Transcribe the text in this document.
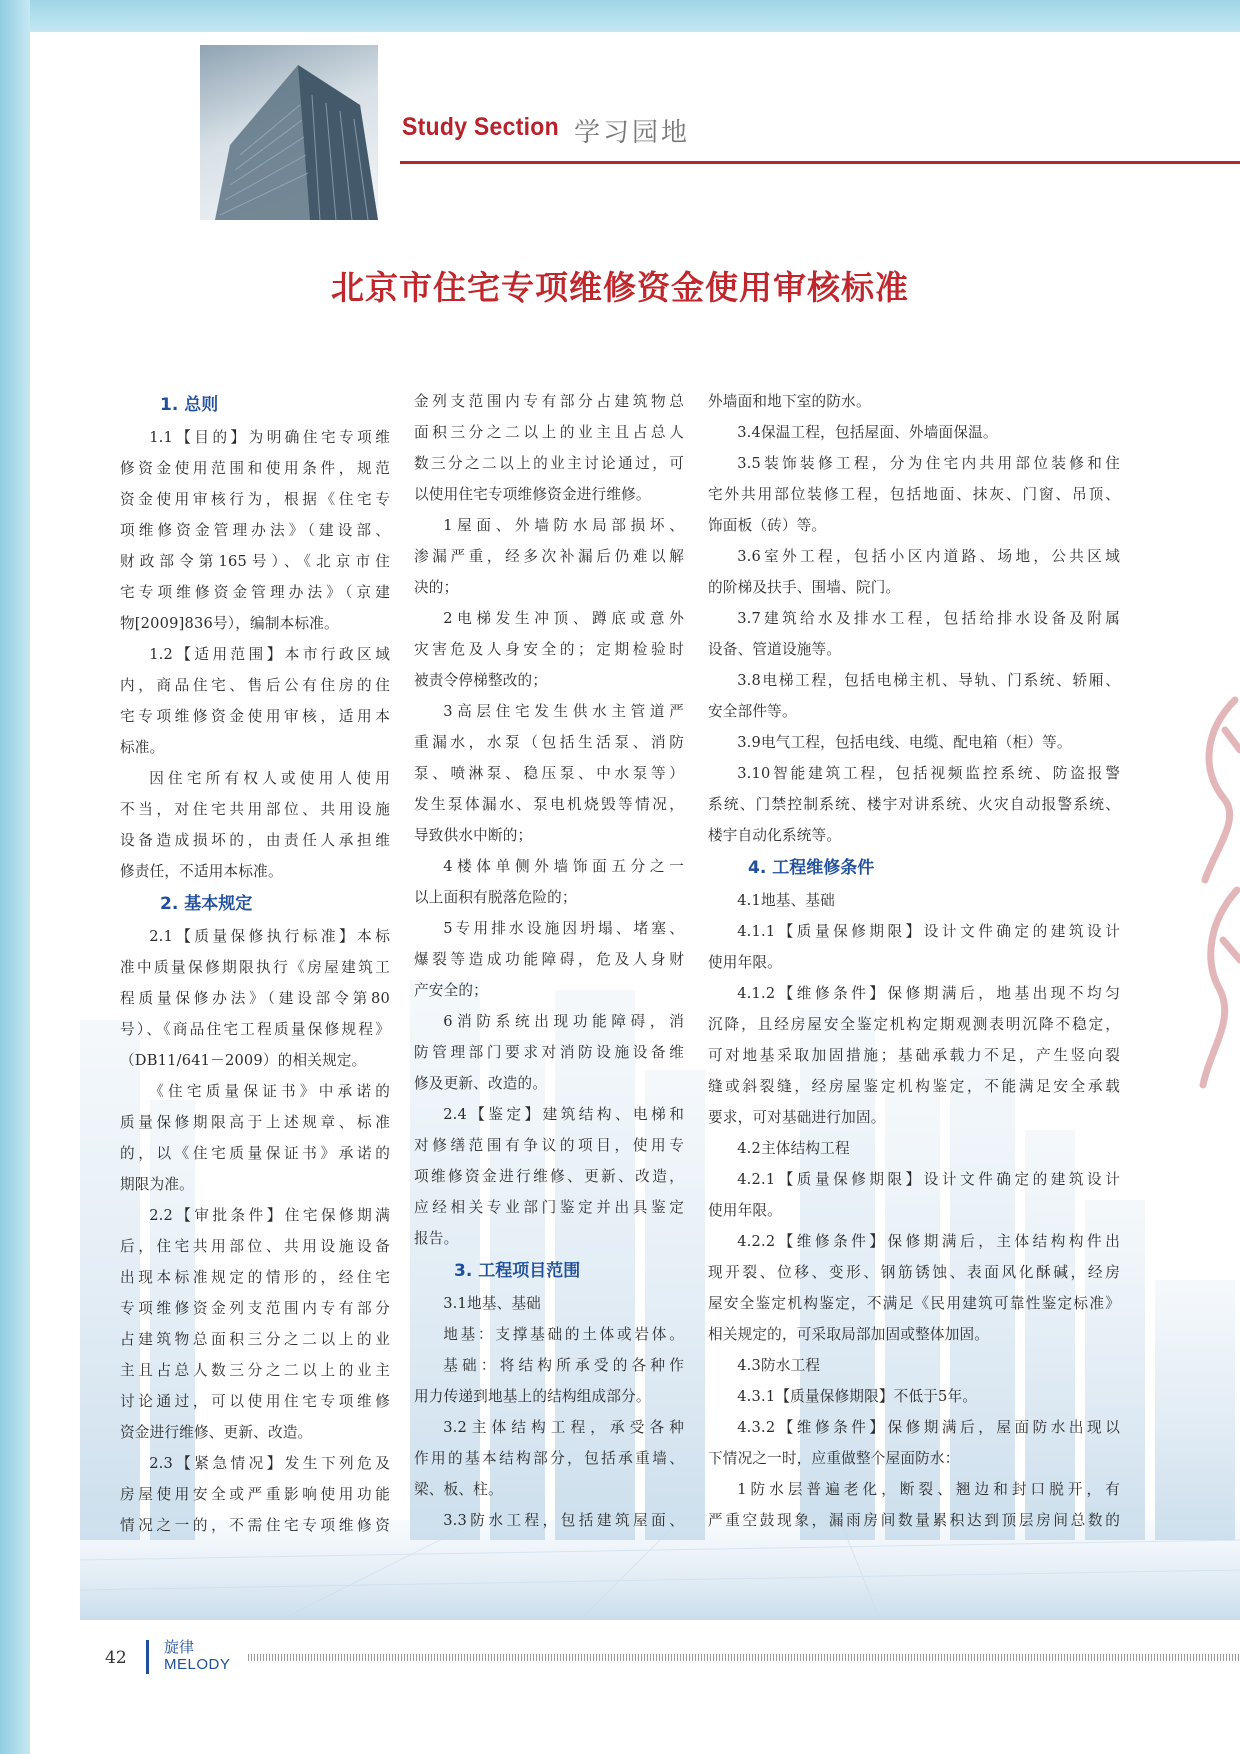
Study Section 学习园地
北京市住宅专项维修资金使用审核标准
1. 总则
1.1【目的】为明确住宅专项维
修资金使用范围和使用条件，规范
资金使用审核行为，根据《住宅专
项维修资金管理办法》（建设部、
财政部令第165号）、《北京市住
宅专项维修资金管理办法》（京建
物[2009]836号），编制本标准。
1.2【适用范围】本市行政区域
内，商品住宅、售后公有住房的住
宅专项维修资金使用审核，适用本
标准。
因住宅所有权人或使用人使用
不当，对住宅共用部位、共用设施
设备造成损坏的，由责任人承担维
修责任，不适用本标准。
2. 基本规定
2.1【质量保修执行标准】本标
准中质量保修期限执行《房屋建筑工
程质量保修办法》（建设部令第80
号）、《商品住宅工程质量保修规程》
（DB11/641－2009）的相关规定。
《住宅质量保证书》中承诺的
质量保修期限高于上述规章、标准
的，以《住宅质量保证书》承诺的
期限为准。
2.2【审批条件】住宅保修期满
后，住宅共用部位、共用设施设备
出现本标准规定的情形的，经住宅
专项维修资金列支范围内专有部分
占建筑物总面积三分之二以上的业
主且占总人数三分之二以上的业主
讨论通过，可以使用住宅专项维修
资金进行维修、更新、改造。
2.3【紧急情况】发生下列危及
房屋使用安全或严重影响使用功能
情况之一的，不需住宅专项维修资
金列支范围内专有部分占建筑物总
面积三分之二以上的业主且占总人
数三分之二以上的业主讨论通过，可
以使用住宅专项维修资金进行维修。
1屋面、外墙防水局部损坏、
渗漏严重，经多次补漏后仍难以解
决的；
2电梯发生冲顶、蹲底或意外
灾害危及人身安全的；定期检验时
被责令停梯整改的；
3高层住宅发生供水主管道严
重漏水，水泵（包括生活泵、消防
泵、喷淋泵、稳压泵、中水泵等）
发生泵体漏水、泵电机烧毁等情况，
导致供水中断的；
4楼体单侧外墙饰面五分之一
以上面积有脱落危险的；
5专用排水设施因坍塌、堵塞、
爆裂等造成功能障碍，危及人身财
产安全的；
6消防系统出现功能障碍，消
防管理部门要求对消防设施设备维
修及更新、改造的。
2.4【鉴定】建筑结构、电梯和
对修缮范围有争议的项目，使用专
项维修资金进行维修、更新、改造，
应经相关专业部门鉴定并出具鉴定
报告。
3. 工程项目范围
3.1地基、基础
地基：支撑基础的土体或岩体。
基础：将结构所承受的各种作
用力传递到地基上的结构组成部分。
3.2主体结构工程，承受各种
作用的基本结构部分，包括承重墙、
梁、板、柱。
3.3防水工程，包括建筑屋面、
外墙面和地下室的防水。
3.4保温工程，包括屋面、外墙面保温。
3.5装饰装修工程，分为住宅内共用部位装修和住
宅外共用部位装修工程，包括地面、抹灰、门窗、吊顶、
饰面板（砖）等。
3.6室外工程，包括小区内道路、场地，公共区域
的阶梯及扶手、围墙、院门。
3.7建筑给水及排水工程，包括给排水设备及附属
设备、管道设施等。
3.8电梯工程，包括电梯主机、导轨、门系统、轿厢、
安全部件等。
3.9电气工程，包括电线、电缆、配电箱（柜）等。
3.10智能建筑工程，包括视频监控系统、防盗报警
系统、门禁控制系统、楼宇对讲系统、火灾自动报警系统、
楼宇自动化系统等。
4. 工程维修条件
4.1地基、基础
4.1.1【质量保修期限】设计文件确定的建筑设计
使用年限。
4.1.2【维修条件】保修期满后，地基出现不均匀
沉降，且经房屋安全鉴定机构定期观测表明沉降不稳定，
可对地基采取加固措施；基础承载力不足，产生竖向裂
缝或斜裂缝，经房屋鉴定机构鉴定，不能满足安全承载
要求，可对基础进行加固。
4.2主体结构工程
4.2.1【质量保修期限】设计文件确定的建筑设计
使用年限。
4.2.2【维修条件】保修期满后，主体结构构件出
现开裂、位移、变形、钢筋锈蚀、表面风化酥碱，经房
屋安全鉴定机构鉴定，不满足《民用建筑可靠性鉴定标准》
相关规定的，可采取局部加固或整体加固。
4.3防水工程
4.3.1【质量保修期限】不低于5年。
4.3.2【维修条件】保修期满后，屋面防水出现以
下情况之一时，应重做整个屋面防水：
1防水层普遍老化，断裂、翘边和封口脱开，有
严重空鼓现象，漏雨房间数量累积达到顶层房间总数的
42
旋律
MELODY
